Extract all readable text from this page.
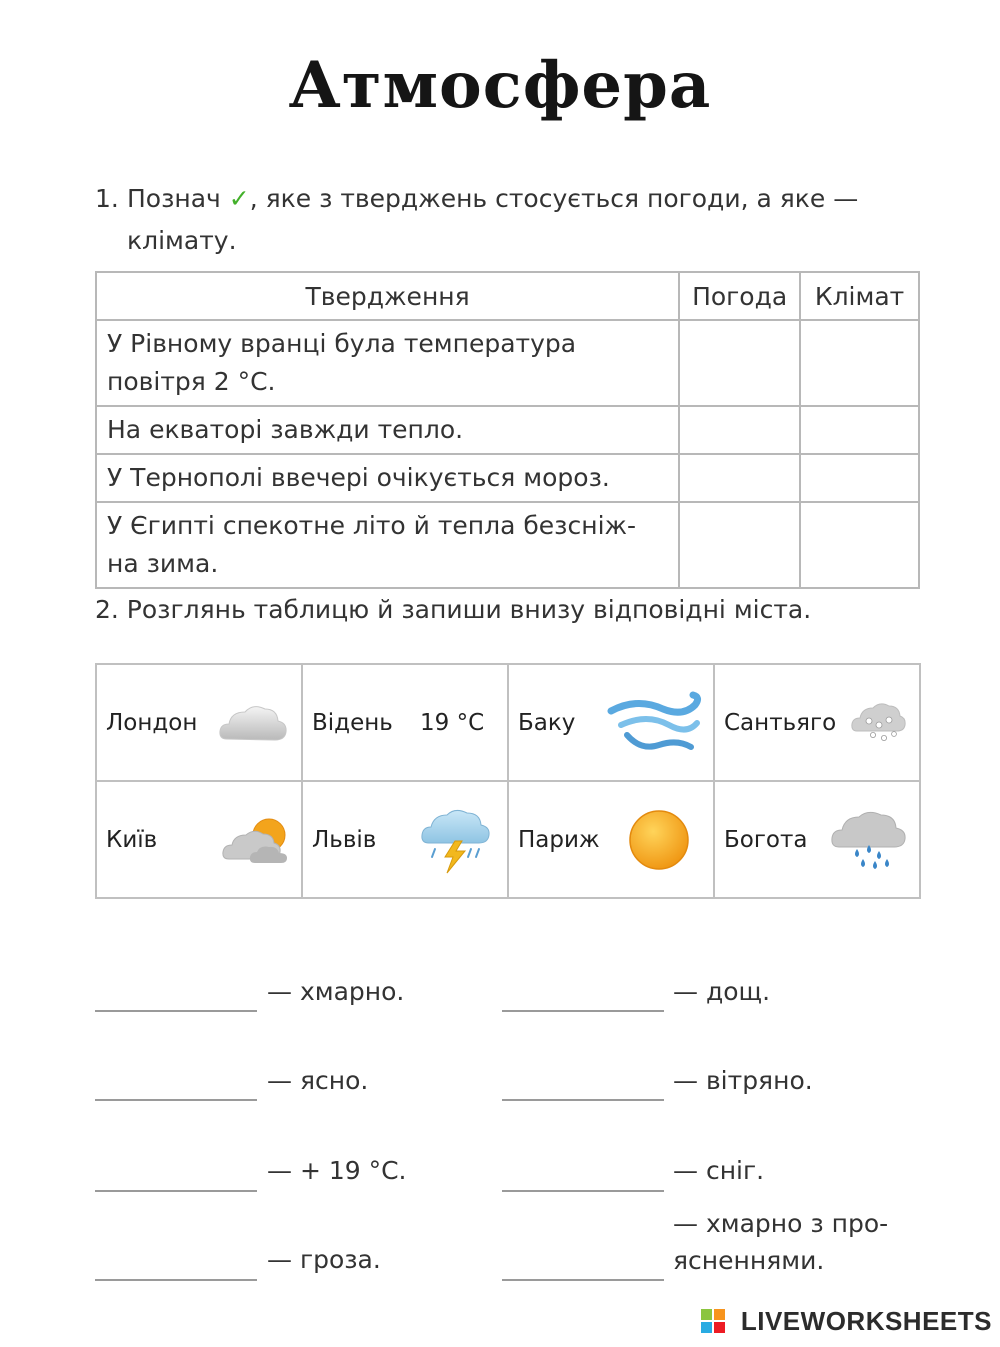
Атмосфера
1. Познач ✓, яке з тверджень стосується погоди, а яке —
клімату.
Твердження	Погода	Клімат

У Рівному вранці була температура
повітря 2 °С.		

На екваторі завжди тепло.		

У Тернополі ввечері очікується мороз.		

У Єгипті спекотне літо й тепла безсніж-
на зима.		

2. Розглянь таблицю й запиши внизу відповідні міста.
Лондон	Відень 19 °С	Баку	Сантьяго

Київ	Львів	Париж	Богота
— хмарно.
— ясно.
— + 19 °С.
— гроза.
— дощ.
— вітряно.
— сніг.
— хмарно з про-
ясненнями.
LIVEWORKSHEETS
